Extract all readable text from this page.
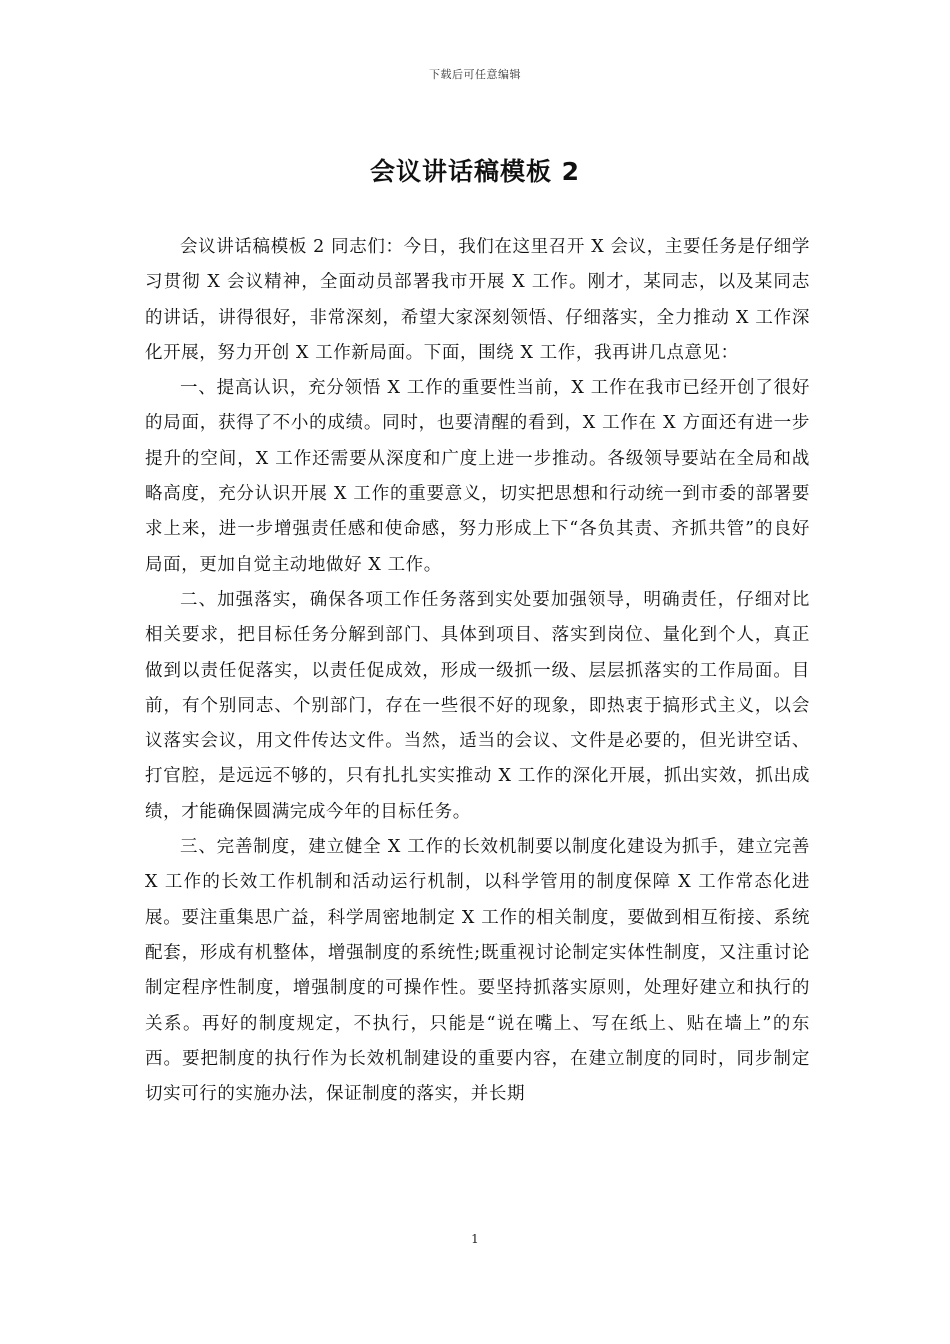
下载后可任意编辑
会议讲话稿模板 2

会议讲话稿模板 2 同志们：今日，我们在这里召开 X 会议，主要任务是仔细学习贯彻 X 会议精神，全面动员部署我市开展 X 工作。刚才，某同志，以及某同志的讲话，讲得很好，非常深刻，希望大家深刻领悟、仔细落实，全力推动 X 工作深化开展，努力开创 X 工作新局面。下面，围绕 X 工作，我再讲几点意见：

一、提高认识，充分领悟 X 工作的重要性当前，X 工作在我市已经开创了很好的局面，获得了不小的成绩。同时，也要清醒的看到，X 工作在 X 方面还有进一步提升的空间，X 工作还需要从深度和广度上进一步推动。各级领导要站在全局和战略高度，充分认识开展 X 工作的重要意义，切实把思想和行动统一到市委的部署要求上来，进一步增强责任感和使命感，努力形成上下“各负其责、齐抓共管”的良好局面，更加自觉主动地做好 X 工作。

二、加强落实，确保各项工作任务落到实处要加强领导，明确责任，仔细对比相关要求，把目标任务分解到部门、具体到项目、落实到岗位、量化到个人，真正做到以责任促落实，以责任促成效，形成一级抓一级、层层抓落实的工作局面。目前，有个别同志、个别部门，存在一些很不好的现象，即热衷于搞形式主义，以会议落实会议，用文件传达文件。当然，适当的会议、文件是必要的，但光讲空话、打官腔，是远远不够的，只有扎扎实实推动 X 工作的深化开展，抓出实效，抓出成绩，才能确保圆满完成今年的目标任务。

三、完善制度，建立健全 X 工作的长效机制要以制度化建设为抓手，建立完善 X 工作的长效工作机制和活动运行机制，以科学管用的制度保障 X 工作常态化进展。要注重集思广益，科学周密地制定 X 工作的相关制度，要做到相互衔接、系统配套，形成有机整体，增强制度的系统性;既重视讨论制定实体性制度，又注重讨论制定程序性制度，增强制度的可操作性。要坚持抓落实原则，处理好建立和执行的关系。再好的制度规定，不执行，只能是“说在嘴上、写在纸上、贴在墙上”的东西。要把制度的执行作为长效机制建设的重要内容，在建立制度的同时，同步制定切实可行的实施办法，保证制度的落实，并长期

1
